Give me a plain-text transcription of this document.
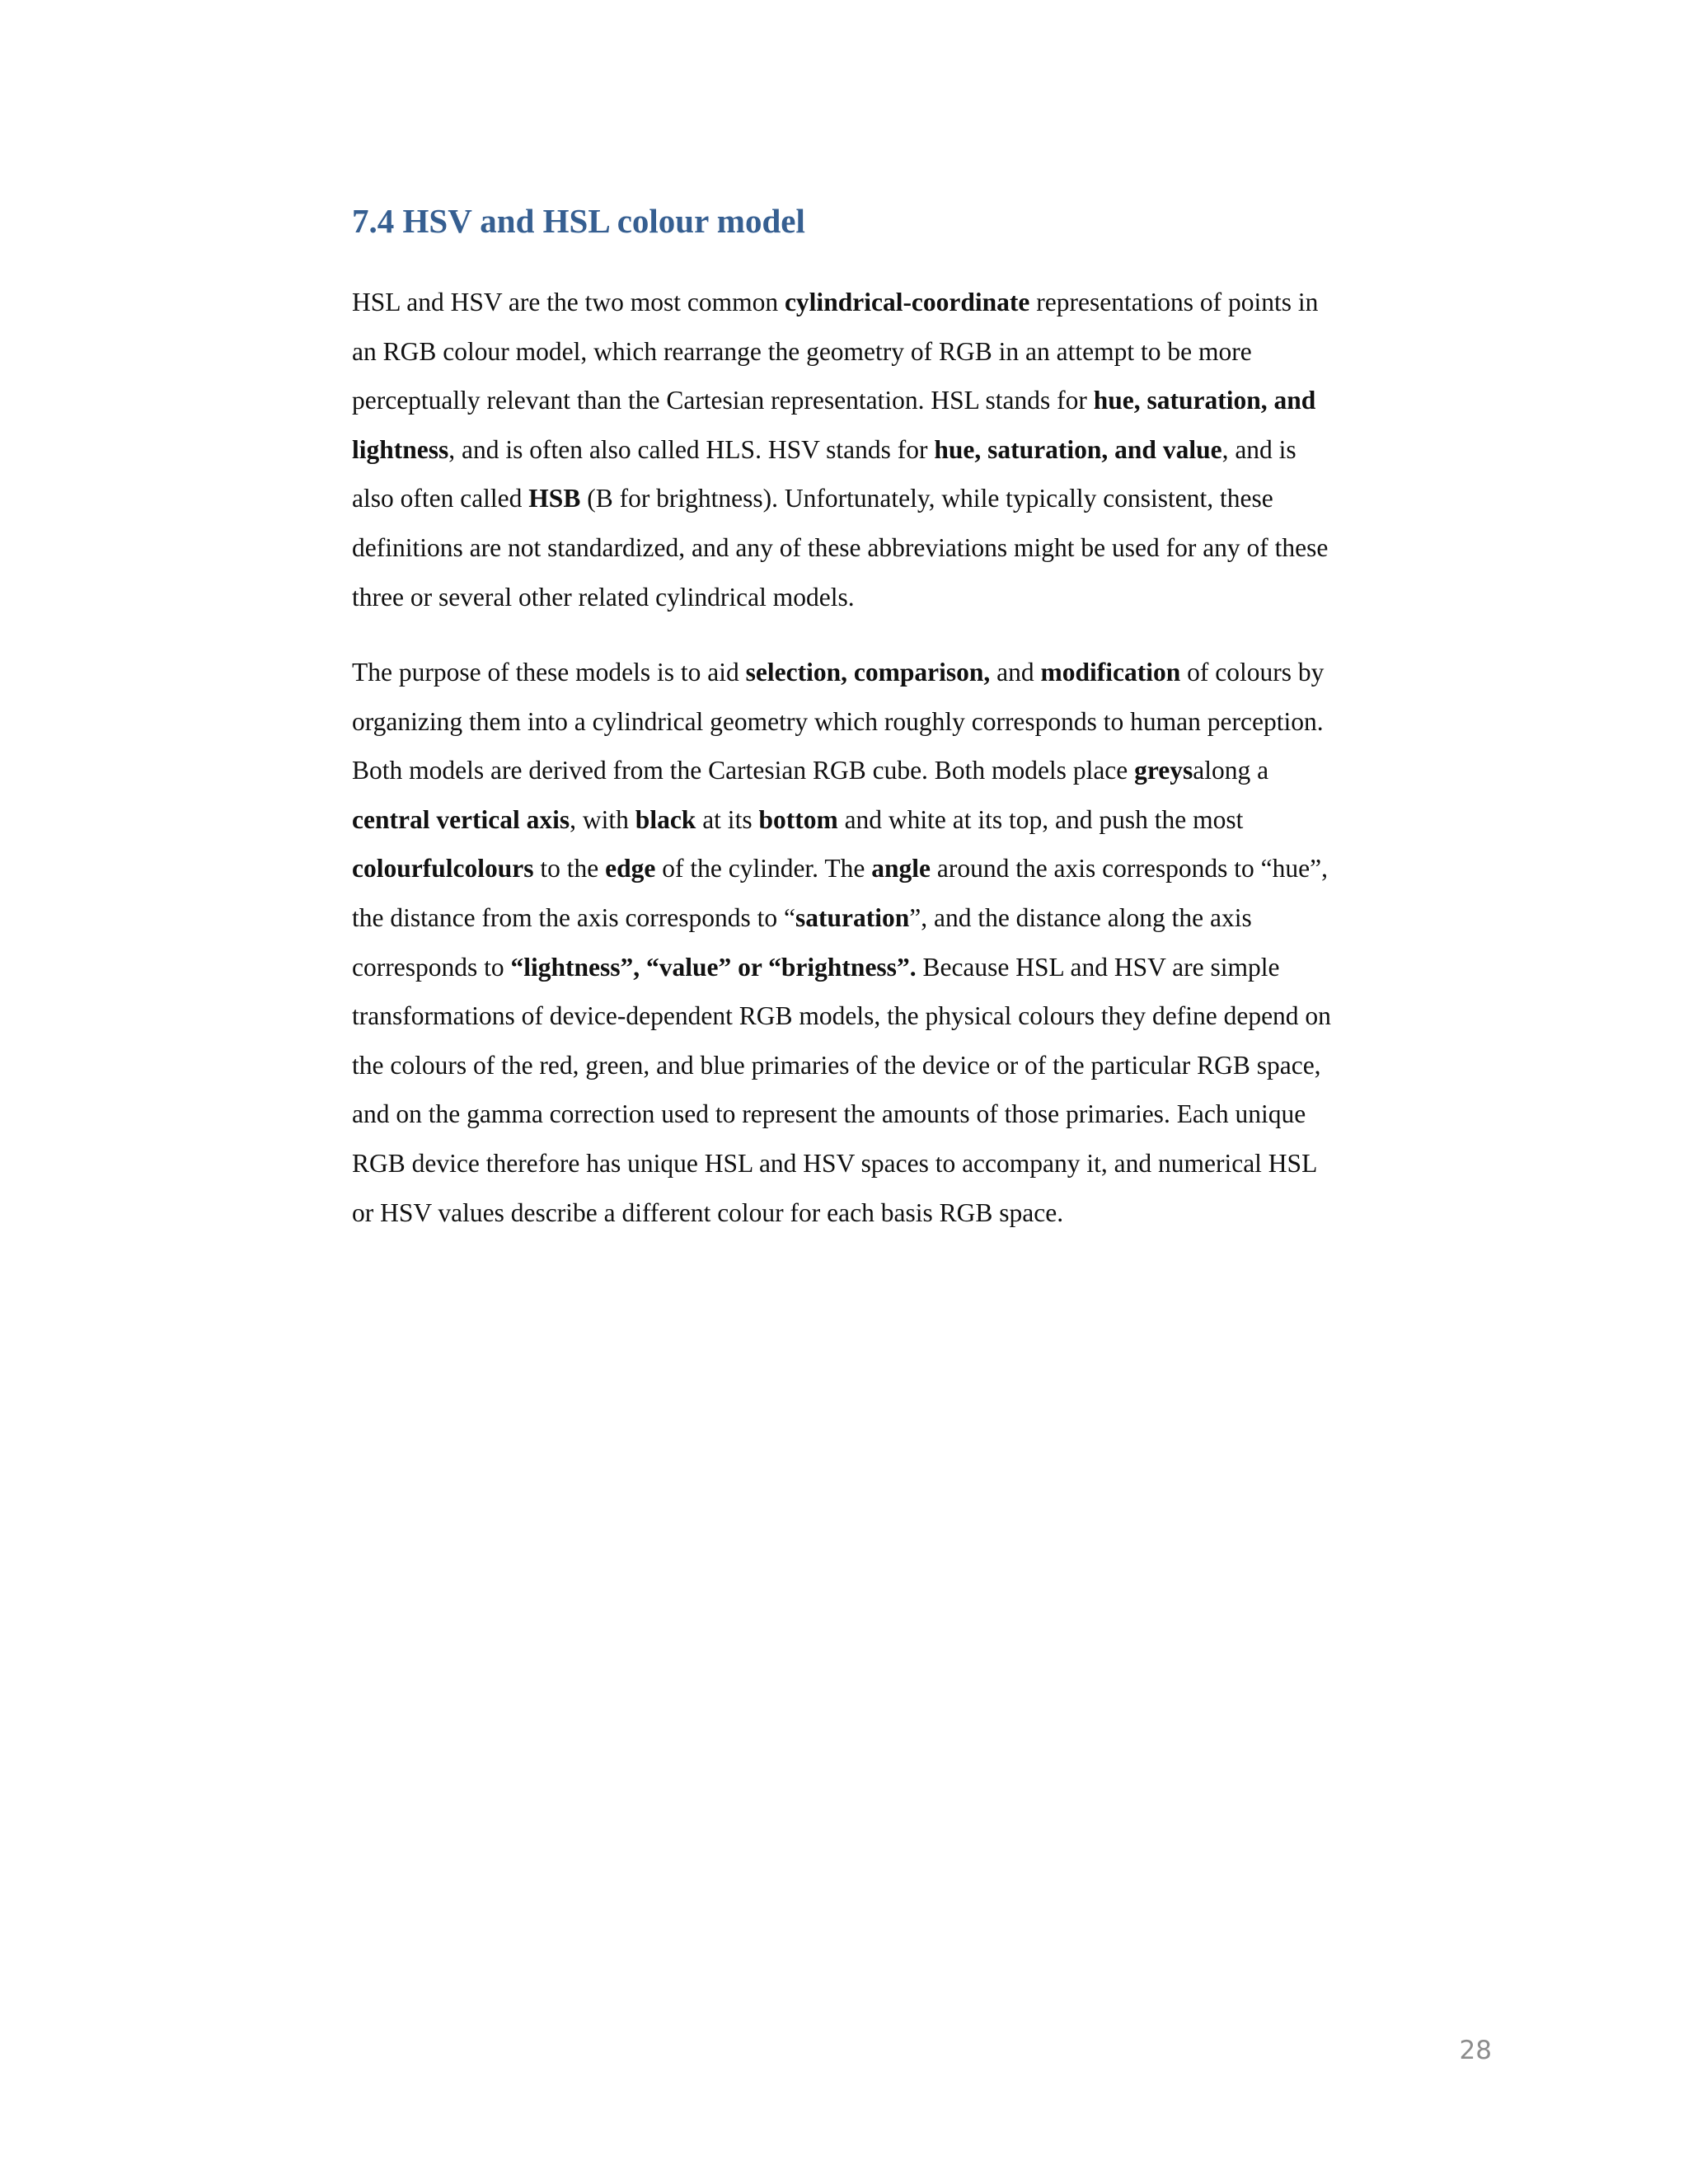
7.4 HSV and HSL colour model
HSL and HSV are the two most common cylindrical-coordinate representations of points in
an RGB colour model, which rearrange the geometry of RGB in an attempt to be more
perceptually relevant than the Cartesian representation. HSL stands for hue, saturation, and
lightness, and is often also called HLS. HSV stands for hue, saturation, and value, and is
also often called HSB (B for brightness). Unfortunately, while typically consistent, these
definitions are not standardized, and any of these abbreviations might be used for any of these
three or several other related cylindrical models.
The purpose of these models is to aid selection, comparison, and modification of colours by
organizing them into a cylindrical geometry which roughly corresponds to human perception.
Both models are derived from the Cartesian RGB cube. Both models place greysalong a
central vertical axis, with black at its bottom and white at its top, and push the most
colourfulcolours to the edge of the cylinder. The angle around the axis corresponds to “hue”,
the distance from the axis corresponds to “saturation”, and the distance along the axis
corresponds to “lightness”, “value” or “brightness”. Because HSL and HSV are simple
transformations of device-dependent RGB models, the physical colours they define depend on
the colours of the red, green, and blue primaries of the device or of the particular RGB space,
and on the gamma correction used to represent the amounts of those primaries. Each unique
RGB device therefore has unique HSL and HSV spaces to accompany it, and numerical HSL
or HSV values describe a different colour for each basis RGB space.
28
